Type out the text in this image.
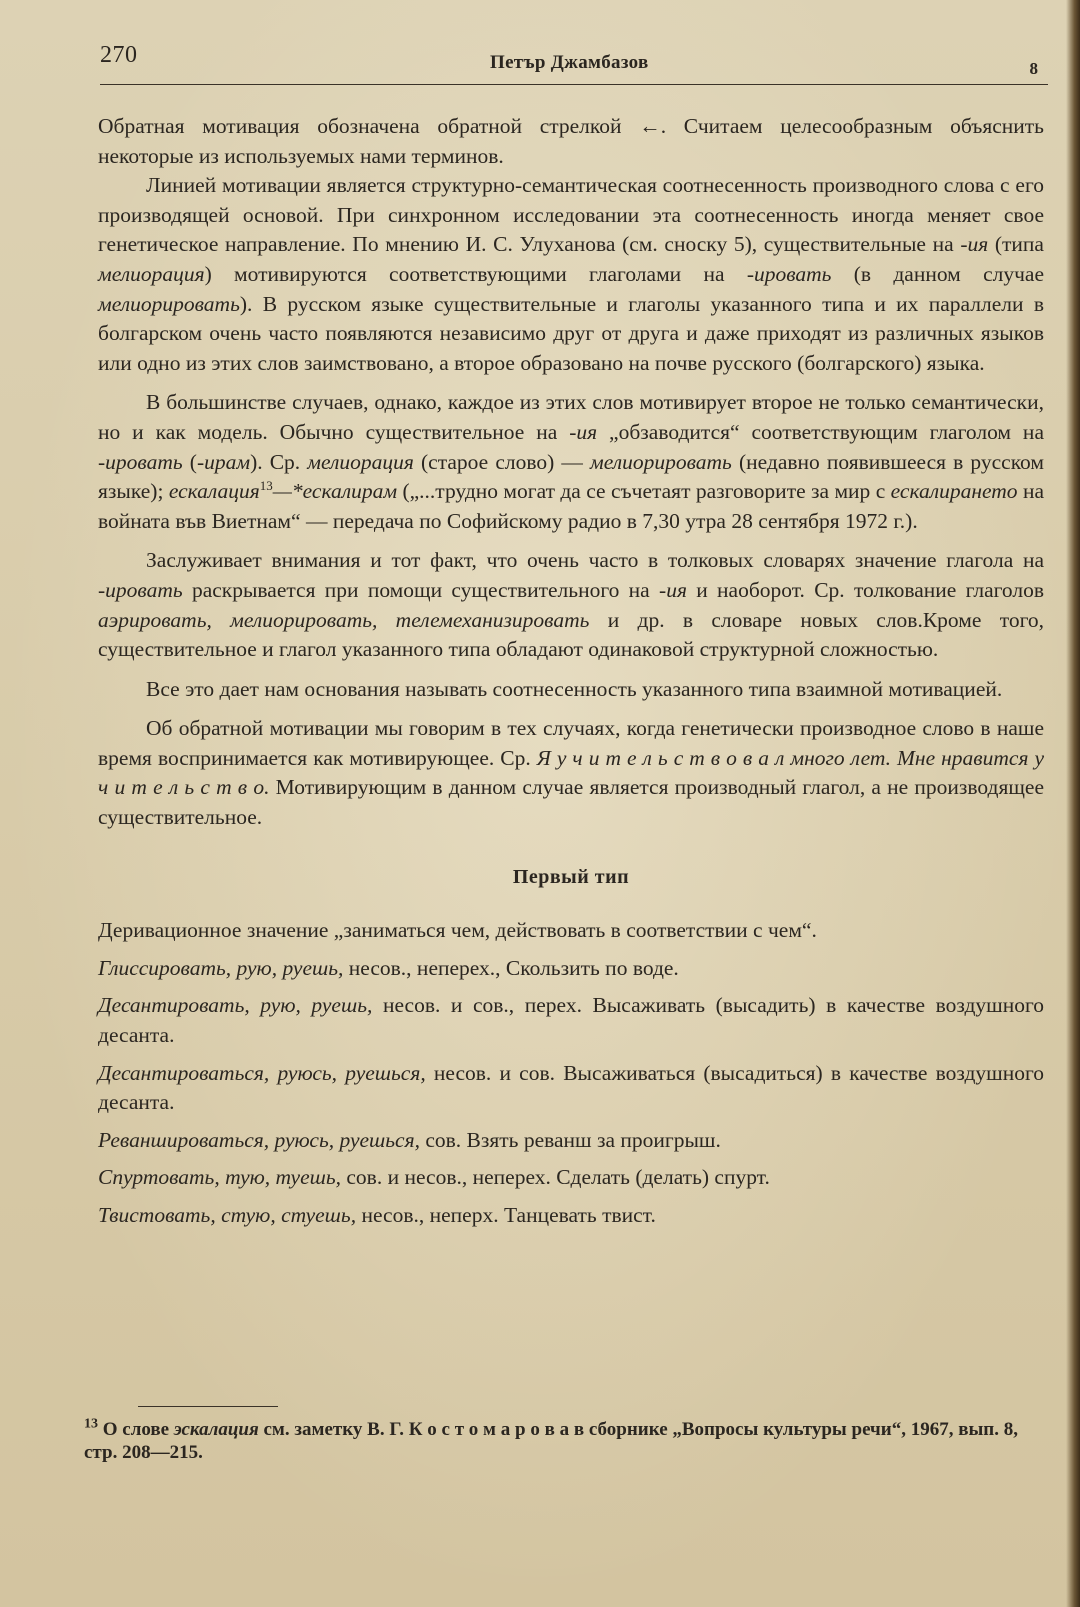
270	Петър Джамбазов	8

Обратная мотивация обозначена обратной стрелкой ←. Считаем целесообразным объяснить некоторые из используемых нами терминов.

Линией мотивации является структурно-семантическая соотнесенность производного слова с его производящей основой. При синхронном исследовании эта соотнесенность иногда меняет свое генетическое направление. По мнению И. С. Улуханова (см. сноску 5), существительные на -ия (типа мелиорация) мотивируются соответствующими глаголами на -ировать (в данном случае мелиорировать). В русском языке существительные и глаголы указанного типа и их параллели в болгарском очень часто появляются независимо друг от друга и даже приходят из различных языков или одно из этих слов заимствовано, а второе образовано на почве русского (болгарского) языка.

В большинстве случаев, однако, каждое из этих слов мотивирует второе не только семантически, но и как модель. Обычно существительное на -ия „обзаводится“ соответствующим глаголом на -ировать (-ирам). Ср. мелиорация (старое слово) — мелиорировать (недавно появившееся в русском языке); ескалация$^{13}$—*ескалирам („...трудно могат да се съчетаят разговорите за мир с ескалирането на войната във Виетнам“ — передача по Софийскому радио в 7,30 утра 28 сентября 1972 г.).

Заслуживает внимания и тот факт, что очень часто в толковых словарях значение глагола на -ировать раскрывается при помощи существительного на -ия и наоборот. Ср. толкование глаголов аэрировать, мелиорировать, телемеханизировать и др. в словаре новых слов.Кроме того, существительное и глагол указанного типа обладают одинаковой структурной сложностью.

Все это дает нам основания называть соотнесенность указанного типа взаимной мотивацией.

Об обратной мотивации мы говорим в тех случаях, когда генетически производное слово в наше время воспринимается как мотивирующее. Ср. Я у ч и т е л ь с т в о в а л много лет. Мне нравится у ч и т е л ь с т в о. Мотивирующим в данном случае является производный глагол, а не производящее существительное.

Первый тип

Деривационное значение „заниматься чем, действовать в соответствии с чем“.

Глиссировать, рую, руешь, несов., неперех., Скользить по воде.

Десантировать, рую, руешь, несов. и сов., перех. Высаживать (высадить) в качестве воздушного десанта.

Десантироваться, руюсь, руешься, несов. и сов. Высаживаться (высадиться) в качестве воздушного десанта.

Реваншироваться, руюсь, руешься, сов. Взять реванш за проигрыш.

Спуртовать, тую, туешь, сов. и несов., неперех. Сделать (делать) спурт.

Твистовать, стую, стуешь, несов., неперх. Танцевать твист.

$^{13}$ О слове эскалация см. заметку В. Г. К о с т о м а р о в а в сборнике „Вопросы культуры речи“, 1967, вып. 8, стр. 208—215.
